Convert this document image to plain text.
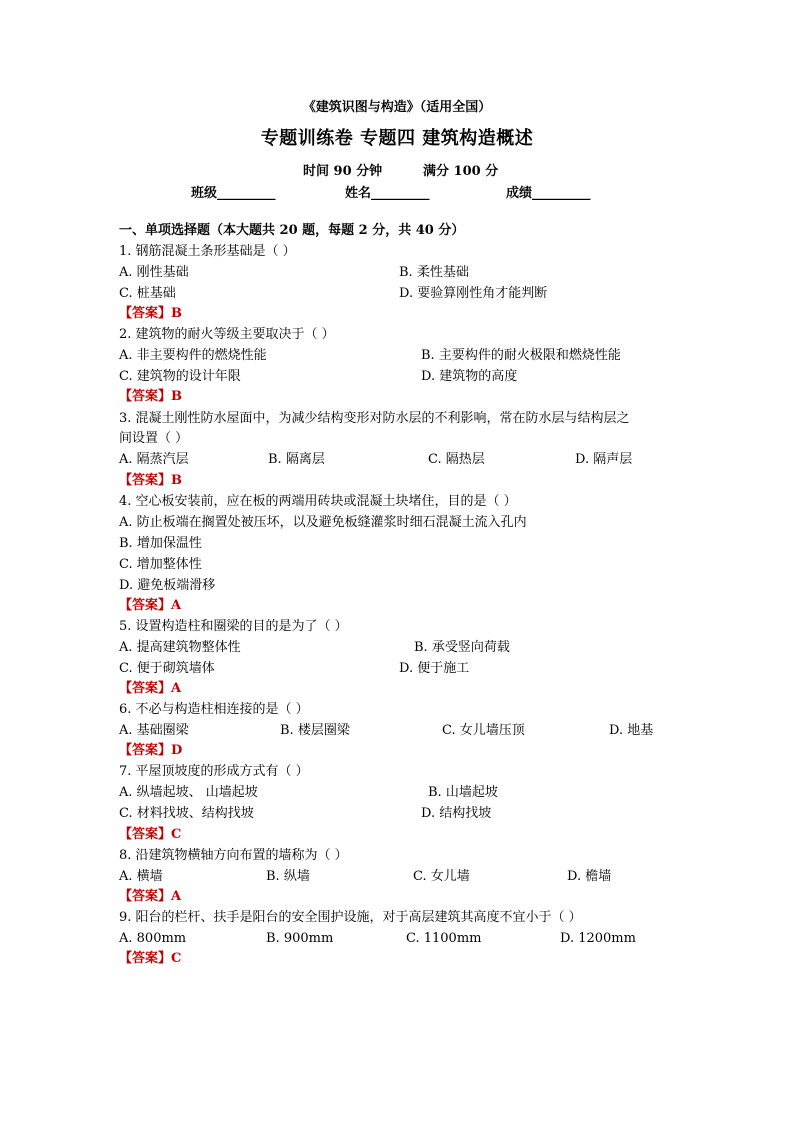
《建筑识图与构造》（适用全国）
专题训练卷 专题四 建筑构造概述
时间 90 分钟	满分 100 分
班级_________	姓名_________	成绩_________
一、单项选择题（本大题共 20 题，每题 2 分，共 40 分）
1. 钢筋混凝土条形基础是（ ）
A. 刚性基础	B. 柔性基础
C. 桩基础	D. 要验算刚性角才能判断
【答案】B
2. 建筑物的耐火等级主要取决于（ ）
A. 非主要构件的燃烧性能	B. 主要构件的耐火极限和燃烧性能
C. 建筑物的设计年限	D. 建筑物的高度
【答案】B
3. 混凝土刚性防水屋面中，为减少结构变形对防水层的不利影响，常在防水层与结构层之
间设置（ ）
A. 隔蒸汽层	B. 隔离层	C. 隔热层	D. 隔声层
【答案】B
4. 空心板安装前，应在板的两端用砖块或混凝土块堵住，目的是（ ）
A. 防止板端在搁置处被压坏，以及避免板缝灌浆时细石混凝土流入孔内
B. 增加保温性
C. 增加整体性
D. 避免板端滑移
【答案】A
5. 设置构造柱和圈梁的目的是为了（ ）
A. 提高建筑物整体性	B. 承受竖向荷载
C. 便于砌筑墙体	D. 便于施工
【答案】A
6. 不必与构造柱相连接的是（ ）
A. 基础圈梁	B. 楼层圈梁	C. 女儿墙压顶	D. 地基
【答案】D
7. 平屋顶坡度的形成方式有（ ）
A. 纵墙起坡、 山墙起坡	B. 山墙起坡
C. 材料找坡、结构找坡	D. 结构找坡
【答案】C
8. 沿建筑物横轴方向布置的墙称为（ ）
A. 横墙	B. 纵墙	C. 女儿墙	D. 檐墙
【答案】A
9. 阳台的栏杆、扶手是阳台的安全围护设施，对于高层建筑其高度不宜小于（ ）
A. 800mm	B. 900mm	C. 1100mm	D. 1200mm
【答案】C
